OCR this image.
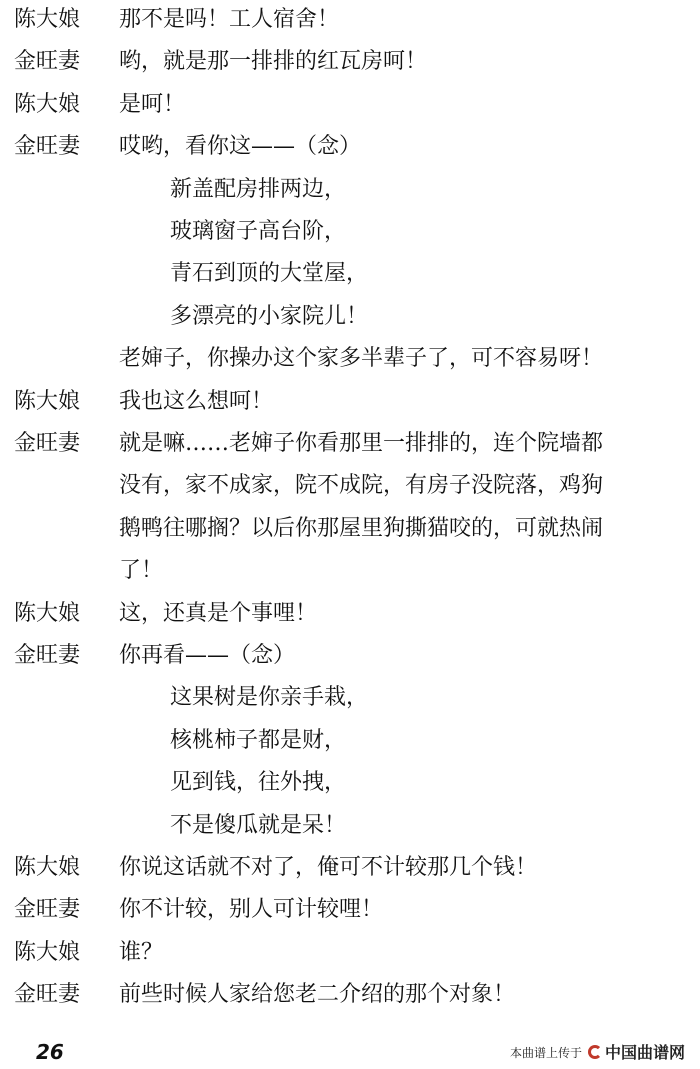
陈大娘 那不是吗！工人宿舍！
金旺妻 哟，就是那一排排的红瓦房呵！
陈大娘 是呵！
金旺妻 哎哟，看你这——（念）
新盖配房排两边，
玻璃窗子高台阶，
青石到顶的大堂屋，
多漂亮的小家院儿！
老婶子，你操办这个家多半辈子了，可不容易呀！
陈大娘 我也这么想呵！
金旺妻 就是嘛……老婶子你看那里一排排的，连个院墙都
没有，家不成家，院不成院，有房子没院落，鸡狗
鹅鸭往哪搁？以后你那屋里狗撕猫咬的，可就热闹
了！
陈大娘 这，还真是个事哩！
金旺妻 你再看——（念）
这果树是你亲手栽，
核桃柿子都是财，
见到钱，往外拽，
不是傻瓜就是呆！
陈大娘 你说这话就不对了，俺可不计较那几个钱！
金旺妻 你不计较，别人可计较哩！
陈大娘 谁？
金旺妻 前些时候人家给您老二介绍的那个对象！
26	本曲谱上传于 中国曲谱网
